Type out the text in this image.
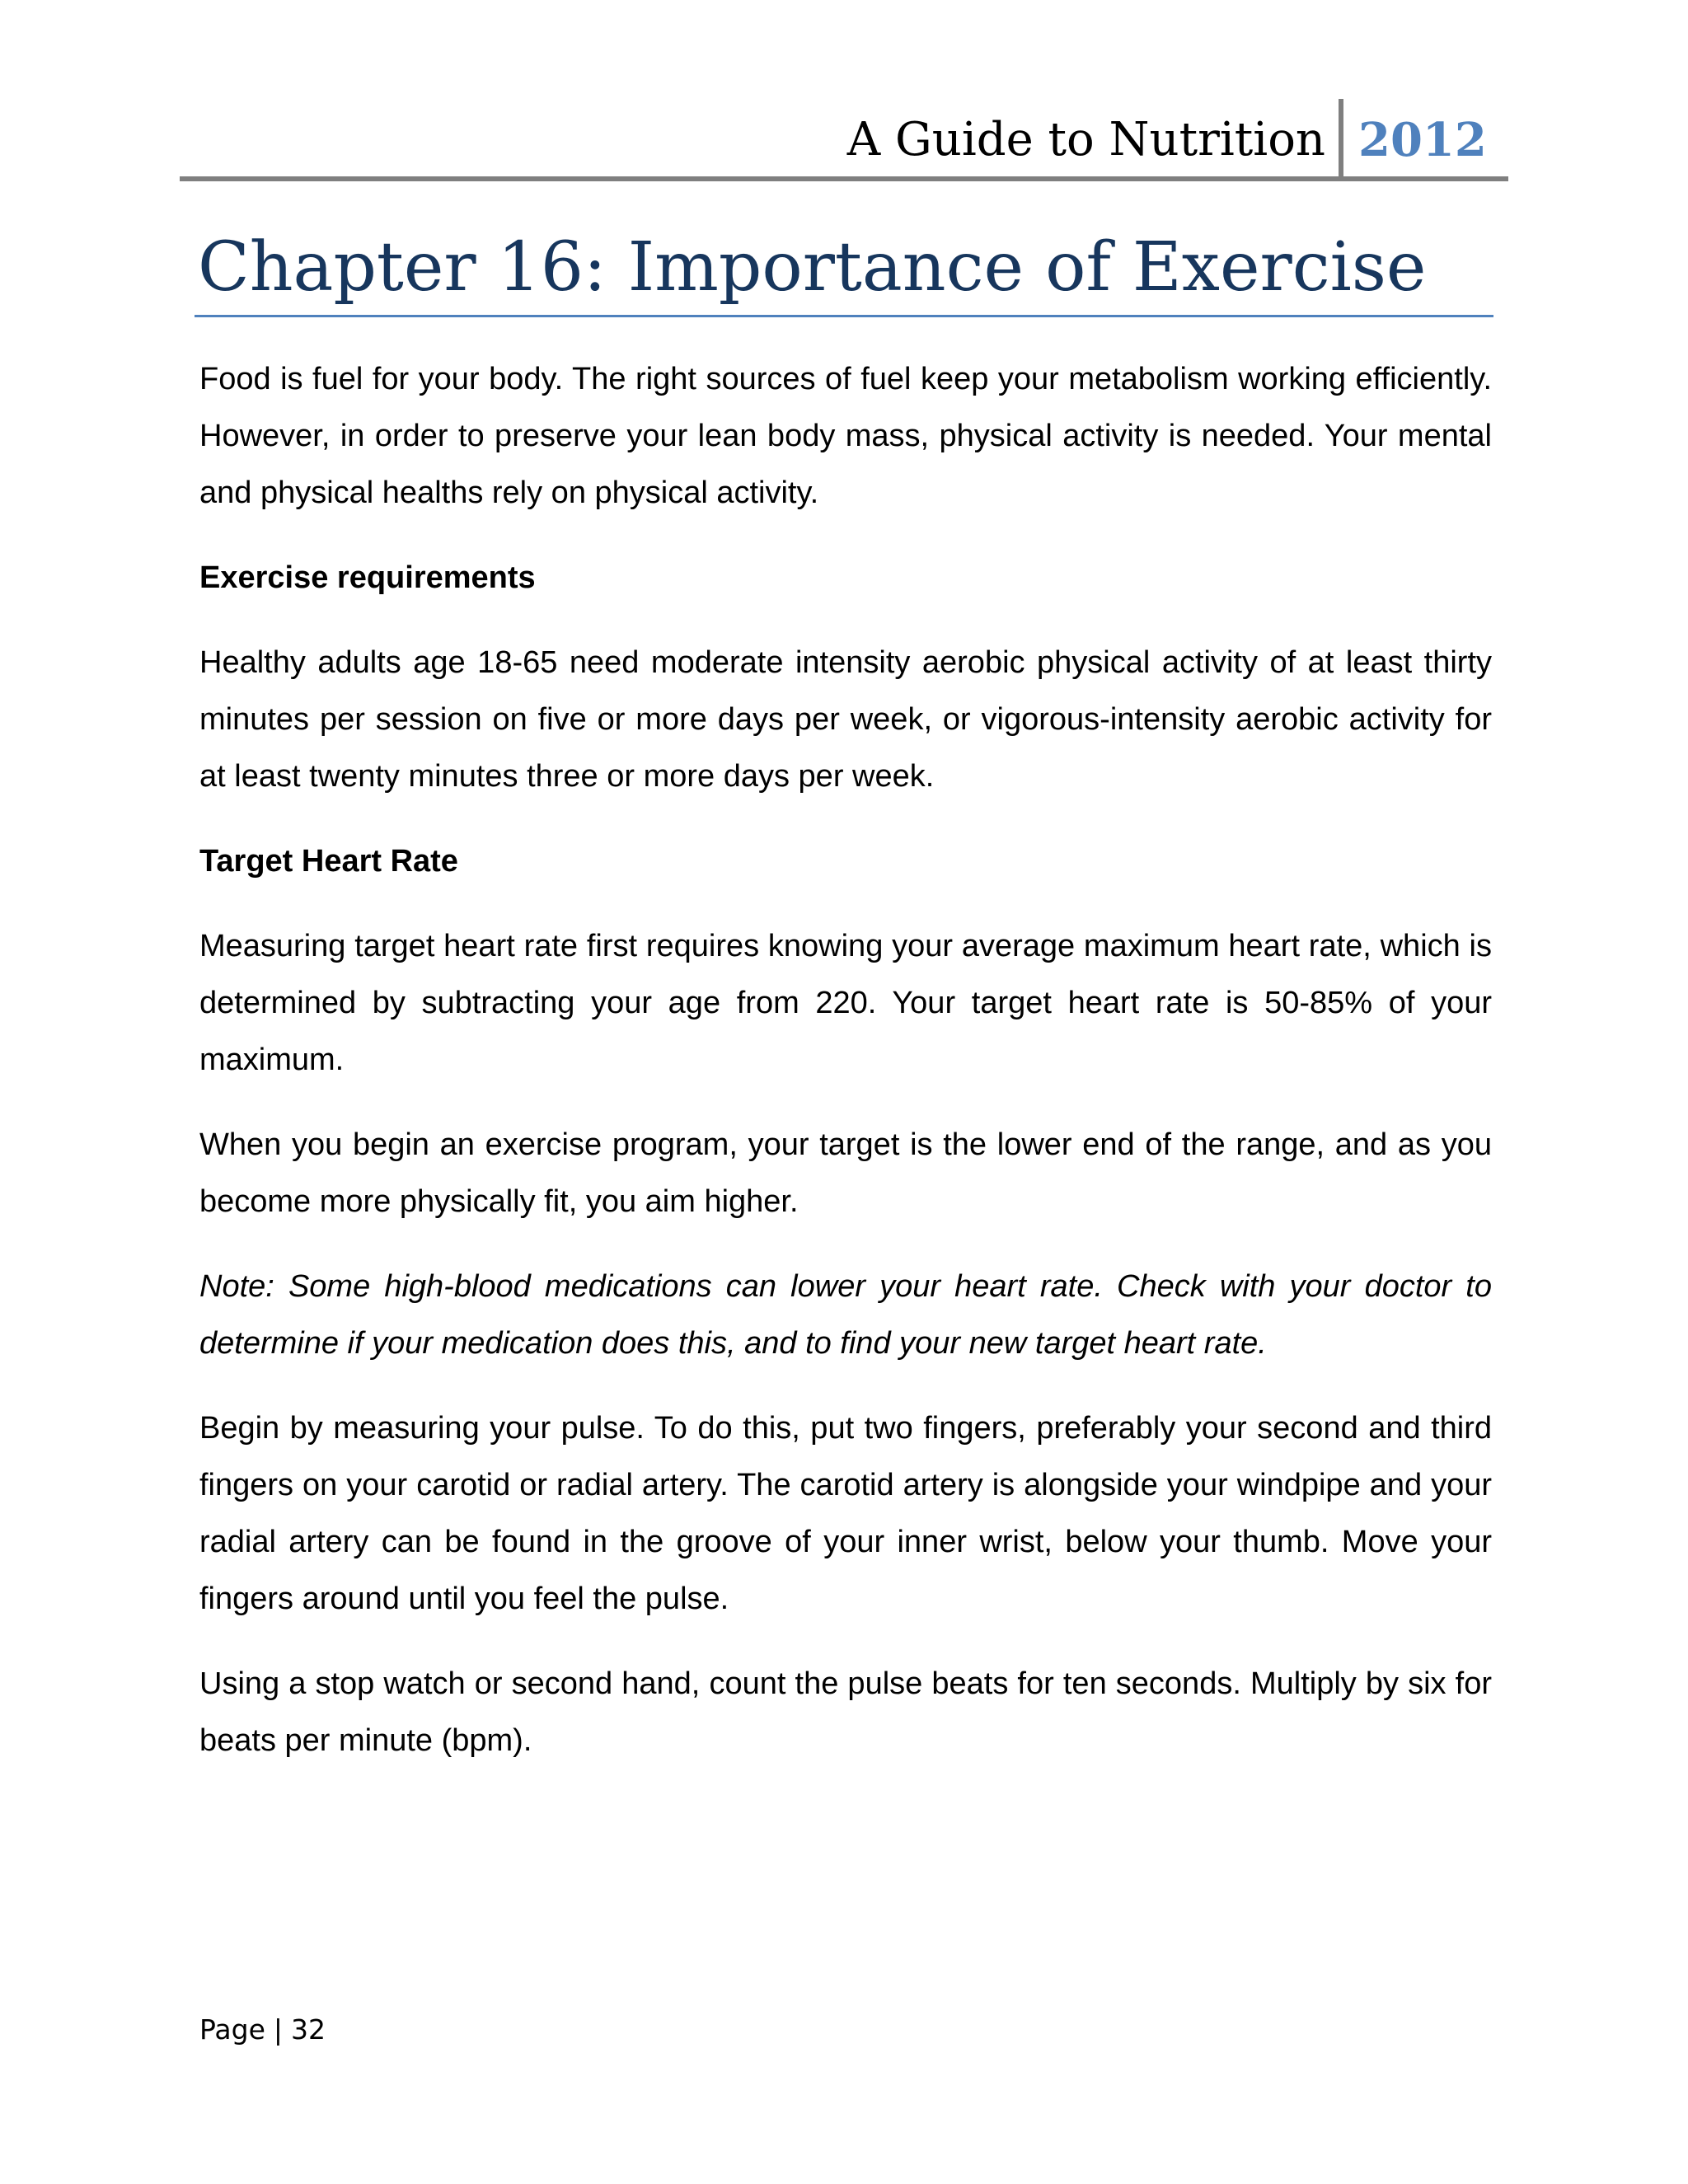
A Guide to Nutrition 2012
Chapter 16: Importance of Exercise

Food is fuel for your body. The right sources of fuel keep your metabolism working efficiently. However, in order to preserve your lean body mass, physical activity is needed. Your mental and physical healths rely on physical activity.

Exercise requirements

Healthy adults age 18-65 need moderate intensity aerobic physical activity of at least thirty minutes per session on five or more days per week, or vigorous-intensity aerobic activity for at least twenty minutes three or more days per week.

Target Heart Rate

Measuring target heart rate first requires knowing your average maximum heart rate, which is determined by subtracting your age from 220. Your target heart rate is 50-85% of your maximum.

When you begin an exercise program, your target is the lower end of the range, and as you become more physically fit, you aim higher.

Note: Some high-blood medications can lower your heart rate. Check with your doctor to determine if your medication does this, and to find your new target heart rate.

Begin by measuring your pulse. To do this, put two fingers, preferably your second and third fingers on your carotid or radial artery. The carotid artery is alongside your windpipe and your radial artery can be found in the groove of your inner wrist, below your thumb. Move your fingers around until you feel the pulse.

Using a stop watch or second hand, count the pulse beats for ten seconds. Multiply by six for beats per minute (bpm).

Page | 32
